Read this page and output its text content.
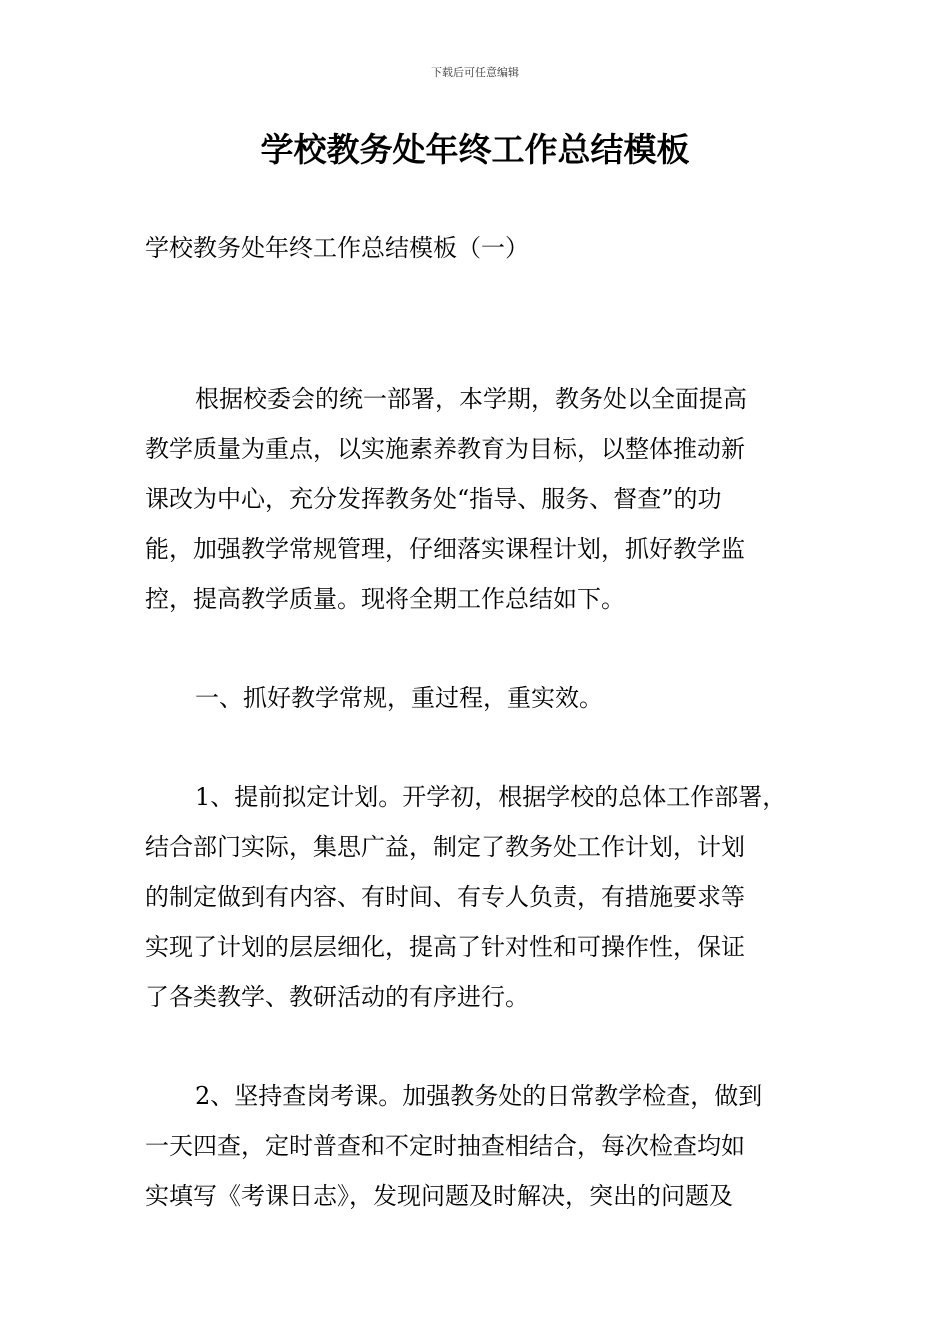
下载后可任意编辑
学校教务处年终工作总结模板
学校教务处年终工作总结模板（一）
根据校委会的统一部署，本学期，教务处以全面提高
教学质量为重点，以实施素养教育为目标，以整体推动新
课改为中心，充分发挥教务处“指导、服务、督查”的功
能，加强教学常规管理，仔细落实课程计划，抓好教学监
控，提高教学质量。现将全期工作总结如下。
一、抓好教学常规，重过程，重实效。
1、提前拟定计划。开学初，根据学校的总体工作部署，
结合部门实际，集思广益，制定了教务处工作计划，计划
的制定做到有内容、有时间、有专人负责，有措施要求等
实现了计划的层层细化，提高了针对性和可操作性，保证
了各类教学、教研活动的有序进行。
2、坚持查岗考课。加强教务处的日常教学检查，做到
一天四查，定时普查和不定时抽查相结合，每次检查均如
实填写《考课日志》，发现问题及时解决，突出的问题及
